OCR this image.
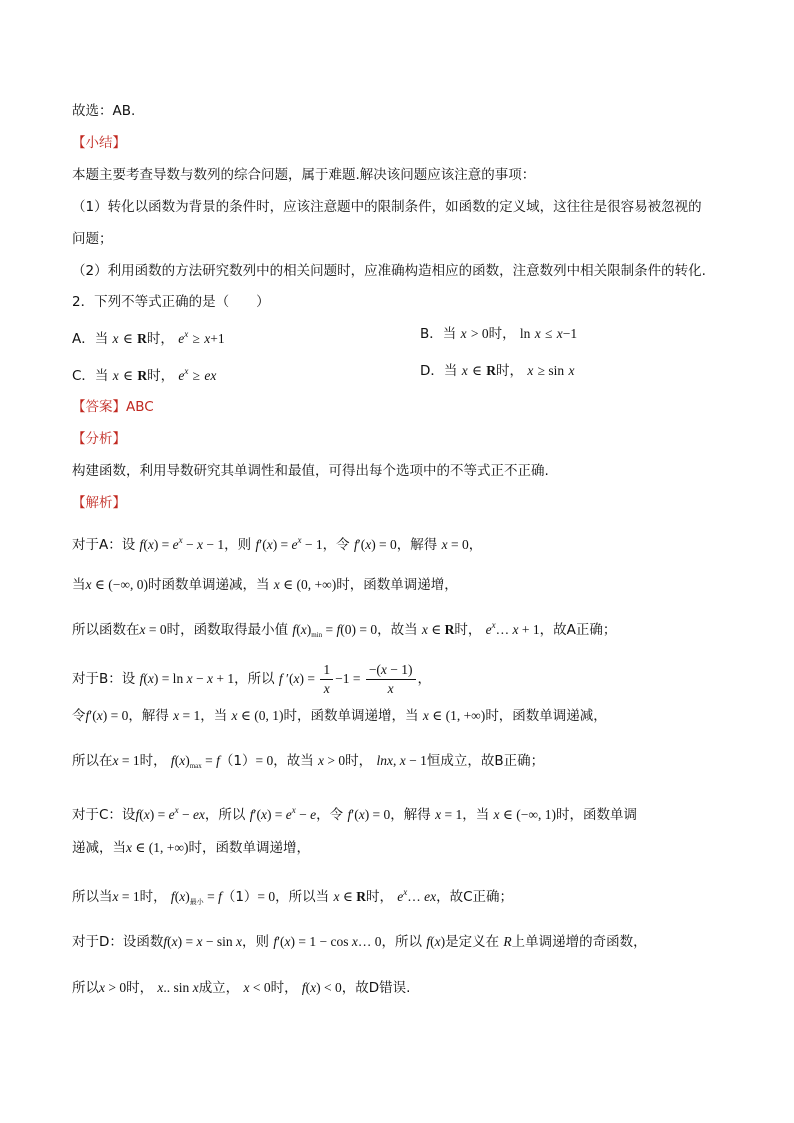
故选：AB.
【小结】
本题主要考查导数与数列的综合问题，属于难题.解决该问题应该注意的事项：
（1）转化以函数为背景的条件时，应该注意题中的限制条件，如函数的定义域，这往往是很容易被忽视的
问题；
（2）利用函数的方法研究数列中的相关问题时，应准确构造相应的函数，注意数列中相关限制条件的转化.
2．下列不等式正确的是（　　）
A．当 x ∈ R时， $e^x \ge x+1$	B．当 x > 0时， ln x ≤ x−1
C．当 x ∈ R时， $e^x$ ≥ ex	D．当 x ∈ R时， x ≥ sin x
【答案】ABC
【分析】
构建函数，利用导数研究其单调性和最值，可得出每个选项中的不等式正不正确.
【解析】
对于A：设 $f(x) = e^x - x - 1$，则 $f'(x) = e^x - 1$，令 f′(x) = 0，解得 x = 0，
当x ∈ (−∞, 0)时函数单调递减，当 x ∈ (0, +∞)时，函数单调递增，
所以函数在x = 0时，函数取得最小值 $f(x)_{min} = f(0) = 0$，故当 x ∈ R时， $e^x\dots$ x + 1，故A正确；
对于B：设 f(x) = ln x − x + 1，所以 f $'(x) = \frac{1}{x} -1 = \frac{-(x - 1)}{x}$ ，
令f′(x) = 0，解得 x = 1，当 x ∈ (0, 1)时，函数单调递增，当 x ∈ (1, +∞)时，函数单调递减，
所以在x = 1时， $f(x)_{max} = f(1)= 0$，故当 x > 0时， lnx, x − 1恒成立，故B正确；
对于C：设$f(x) = e^x$ − ex，所以 $f'(x) = e^x - e$，令 f′(x) = 0，解得 x = 1，当 x ∈ (−∞, 1)时，函数单调
递减，当x ∈ (1, +∞)时，函数单调递增，
所以当x = 1时， $f(x)_{最小} = f(1)= 0$，所以当 x ∈ R时， $e^x\dots$ ex，故C正确；
对于D：设函数f(x) = x − sin x，则 f′(x) = 1 − cos x… 0，所以 f(x)是定义在 R上单调递增的奇函数，
所以x > 0时， x.. sin x成立， x < 0时， f(x) < 0，故D错误.
